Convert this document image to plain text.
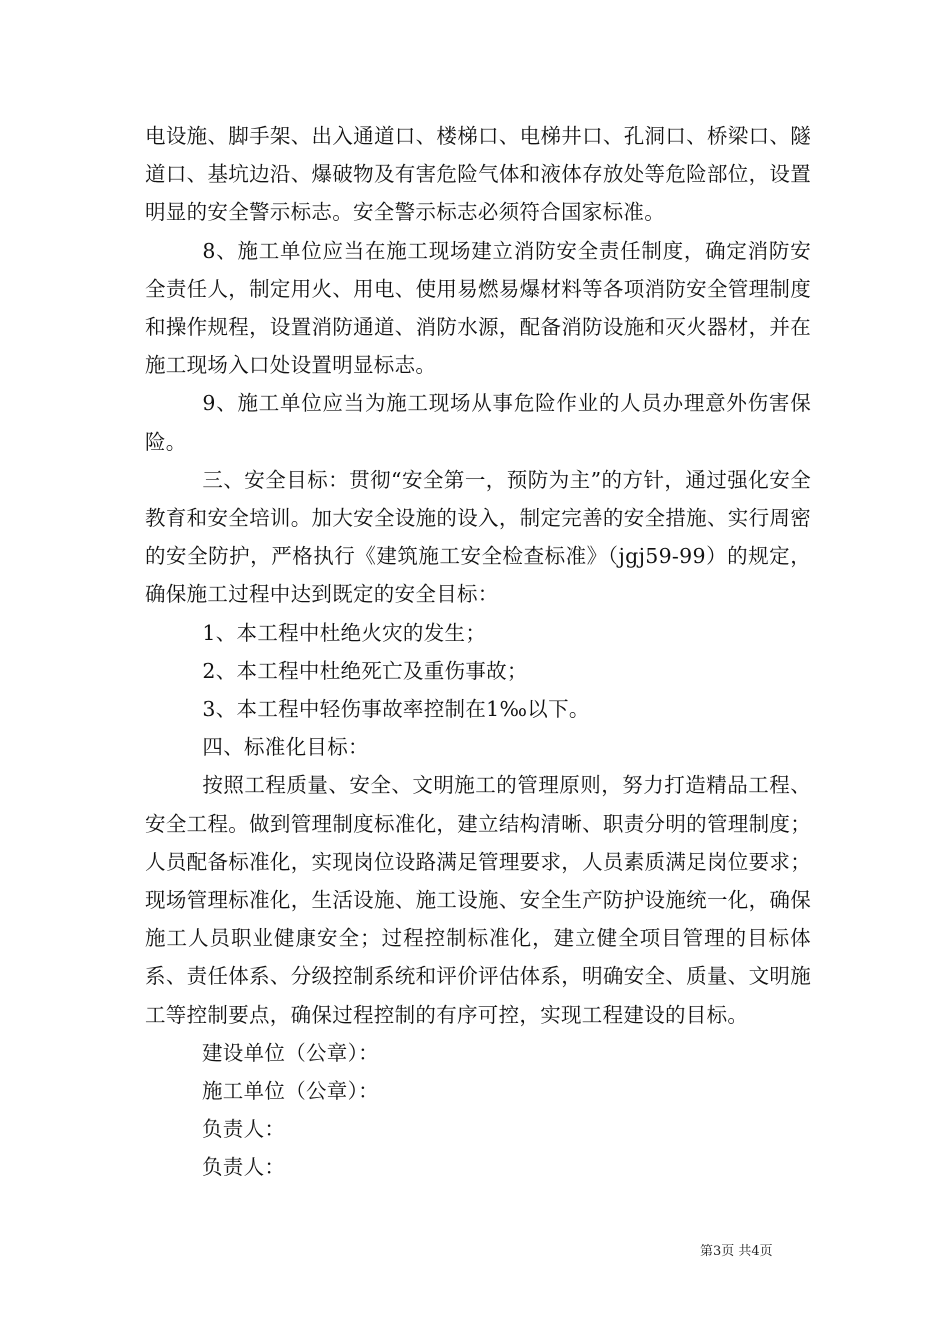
电设施、脚手架、出入通道口、楼梯口、电梯井口、孔洞口、桥梁口、隧道口、基坑边沿、爆破物及有害危险气体和液体存放处等危险部位，设置明显的安全警示标志。安全警示标志必须符合国家标准。

8、施工单位应当在施工现场建立消防安全责任制度，确定消防安全责任人，制定用火、用电、使用易燃易爆材料等各项消防安全管理制度和操作规程，设置消防通道、消防水源，配备消防设施和灭火器材，并在施工现场入口处设置明显标志。

9、施工单位应当为施工现场从事危险作业的人员办理意外伤害保险。

三、安全目标：贯彻“安全第一，预防为主”的方针，通过强化安全教育和安全培训。加大安全设施的设入，制定完善的安全措施、实行周密的安全防护，严格执行《建筑施工安全检查标准》（jgj59-99）的规定，确保施工过程中达到既定的安全目标：

1、本工程中杜绝火灾的发生；

2、本工程中杜绝死亡及重伤事故；

3、本工程中轻伤事故率控制在1‰以下。

四、标准化目标：

按照工程质量、安全、文明施工的管理原则，努力打造精品工程、安全工程。做到管理制度标准化，建立结构清晰、职责分明的管理制度；人员配备标准化，实现岗位设路满足管理要求，人员素质满足岗位要求；现场管理标准化，生活设施、施工设施、安全生产防护设施统一化，确保施工人员职业健康安全；过程控制标准化，建立健全项目管理的目标体系、责任体系、分级控制系统和评价评估体系，明确安全、质量、文明施工等控制要点，确保过程控制的有序可控，实现工程建设的目标。

建设单位（公章）：

施工单位（公章）：

负责人：

负责人：

第3页 共4页
